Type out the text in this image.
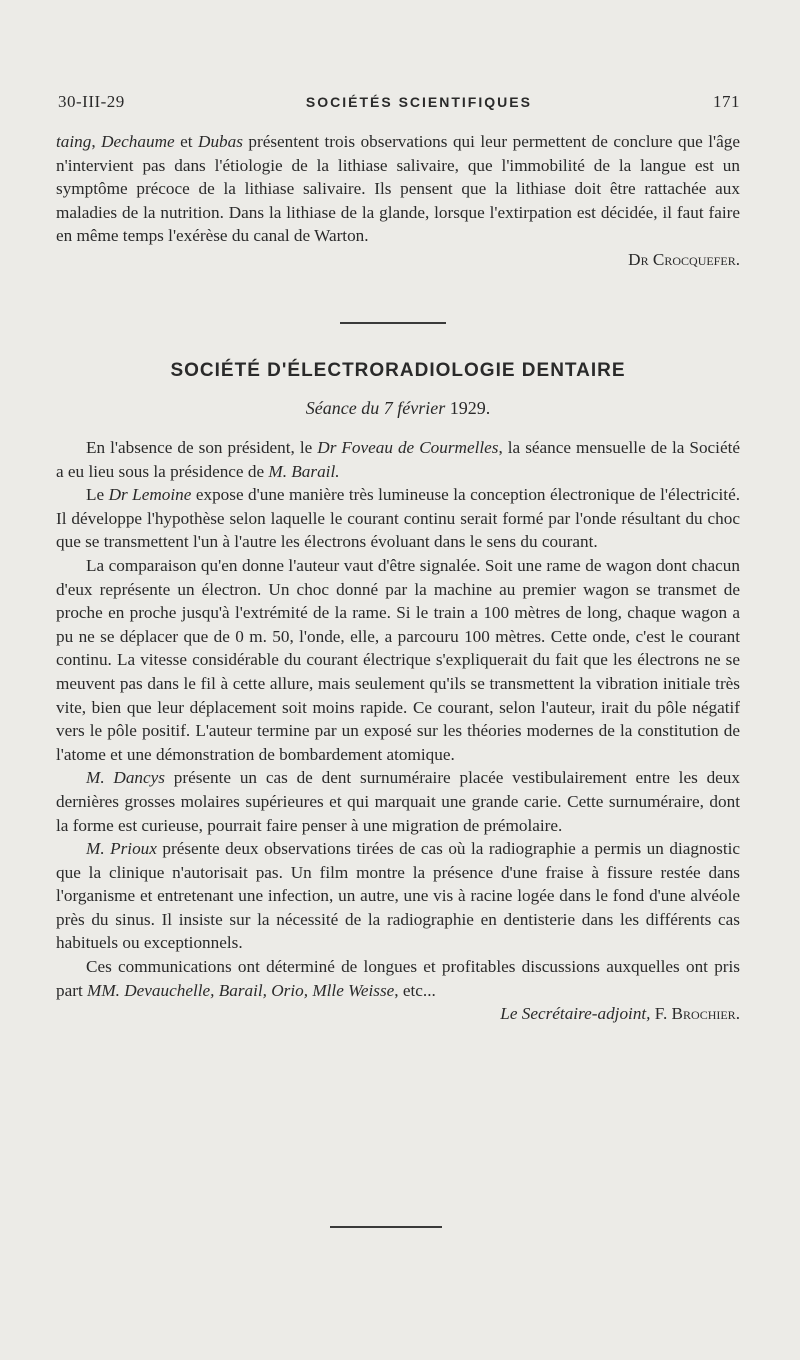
30-III-29	SOCIÉTÉS SCIENTIFIQUES	171

taing, Dechaume et Dubas présentent trois observations qui leur permettent de conclure que l'âge n'intervient pas dans l'étiologie de la lithiase salivaire, que l'immobilité de la langue est un symptôme précoce de la lithiase salivaire. Ils pensent que la lithiase doit être rattachée aux maladies de la nutrition. Dans la lithiase de la glande, lorsque l'extirpation est décidée, il faut faire en même temps l'exérèse du canal de Warton.

Dr Crocquefer.

SOCIÉTÉ D'ÉLECTRORADIOLOGIE DENTAIRE
Séance du 7 février 1929.

En l'absence de son président, le Dr Foveau de Courmelles, la séance mensuelle de la Société a eu lieu sous la présidence de M. Barail.

Le Dr Lemoine expose d'une manière très lumineuse la conception électronique de l'électricité. Il développe l'hypothèse selon laquelle le courant continu serait formé par l'onde résultant du choc que se transmettent l'un à l'autre les électrons évoluant dans le sens du courant.

La comparaison qu'en donne l'auteur vaut d'être signalée. Soit une rame de wagon dont chacun d'eux représente un électron. Un choc donné par la machine au premier wagon se transmet de proche en proche jusqu'à l'extrémité de la rame. Si le train a 100 mètres de long, chaque wagon a pu ne se déplacer que de 0 m. 50, l'onde, elle, a parcouru 100 mètres. Cette onde, c'est le courant continu. La vitesse considérable du courant électrique s'expliquerait du fait que les électrons ne se meuvent pas dans le fil à cette allure, mais seulement qu'ils se transmettent la vibration initiale très vite, bien que leur déplacement soit moins rapide. Ce courant, selon l'auteur, irait du pôle négatif vers le pôle positif. L'auteur termine par un exposé sur les théories modernes de la constitution de l'atome et une démonstration de bombardement atomique.

M. Dancys présente un cas de dent surnuméraire placée vestibulairement entre les deux dernières grosses molaires supérieures et qui marquait une grande carie. Cette surnuméraire, dont la forme est curieuse, pourrait faire penser à une migration de prémolaire.

M. Prioux présente deux observations tirées de cas où la radiographie a permis un diagnostic que la clinique n'autorisait pas. Un film montre la présence d'une fraise à fissure restée dans l'organisme et entretenant une infection, un autre, une vis à racine logée dans le fond d'une alvéole près du sinus. Il insiste sur la nécessité de la radiographie en dentisterie dans les différents cas habituels ou exceptionnels.

Ces communications ont déterminé de longues et profitables discussions auxquelles ont pris part MM. Devauchelle, Barail, Orio, Mlle Weisse, etc...

Le Secrétaire-adjoint, F. Brochier.
